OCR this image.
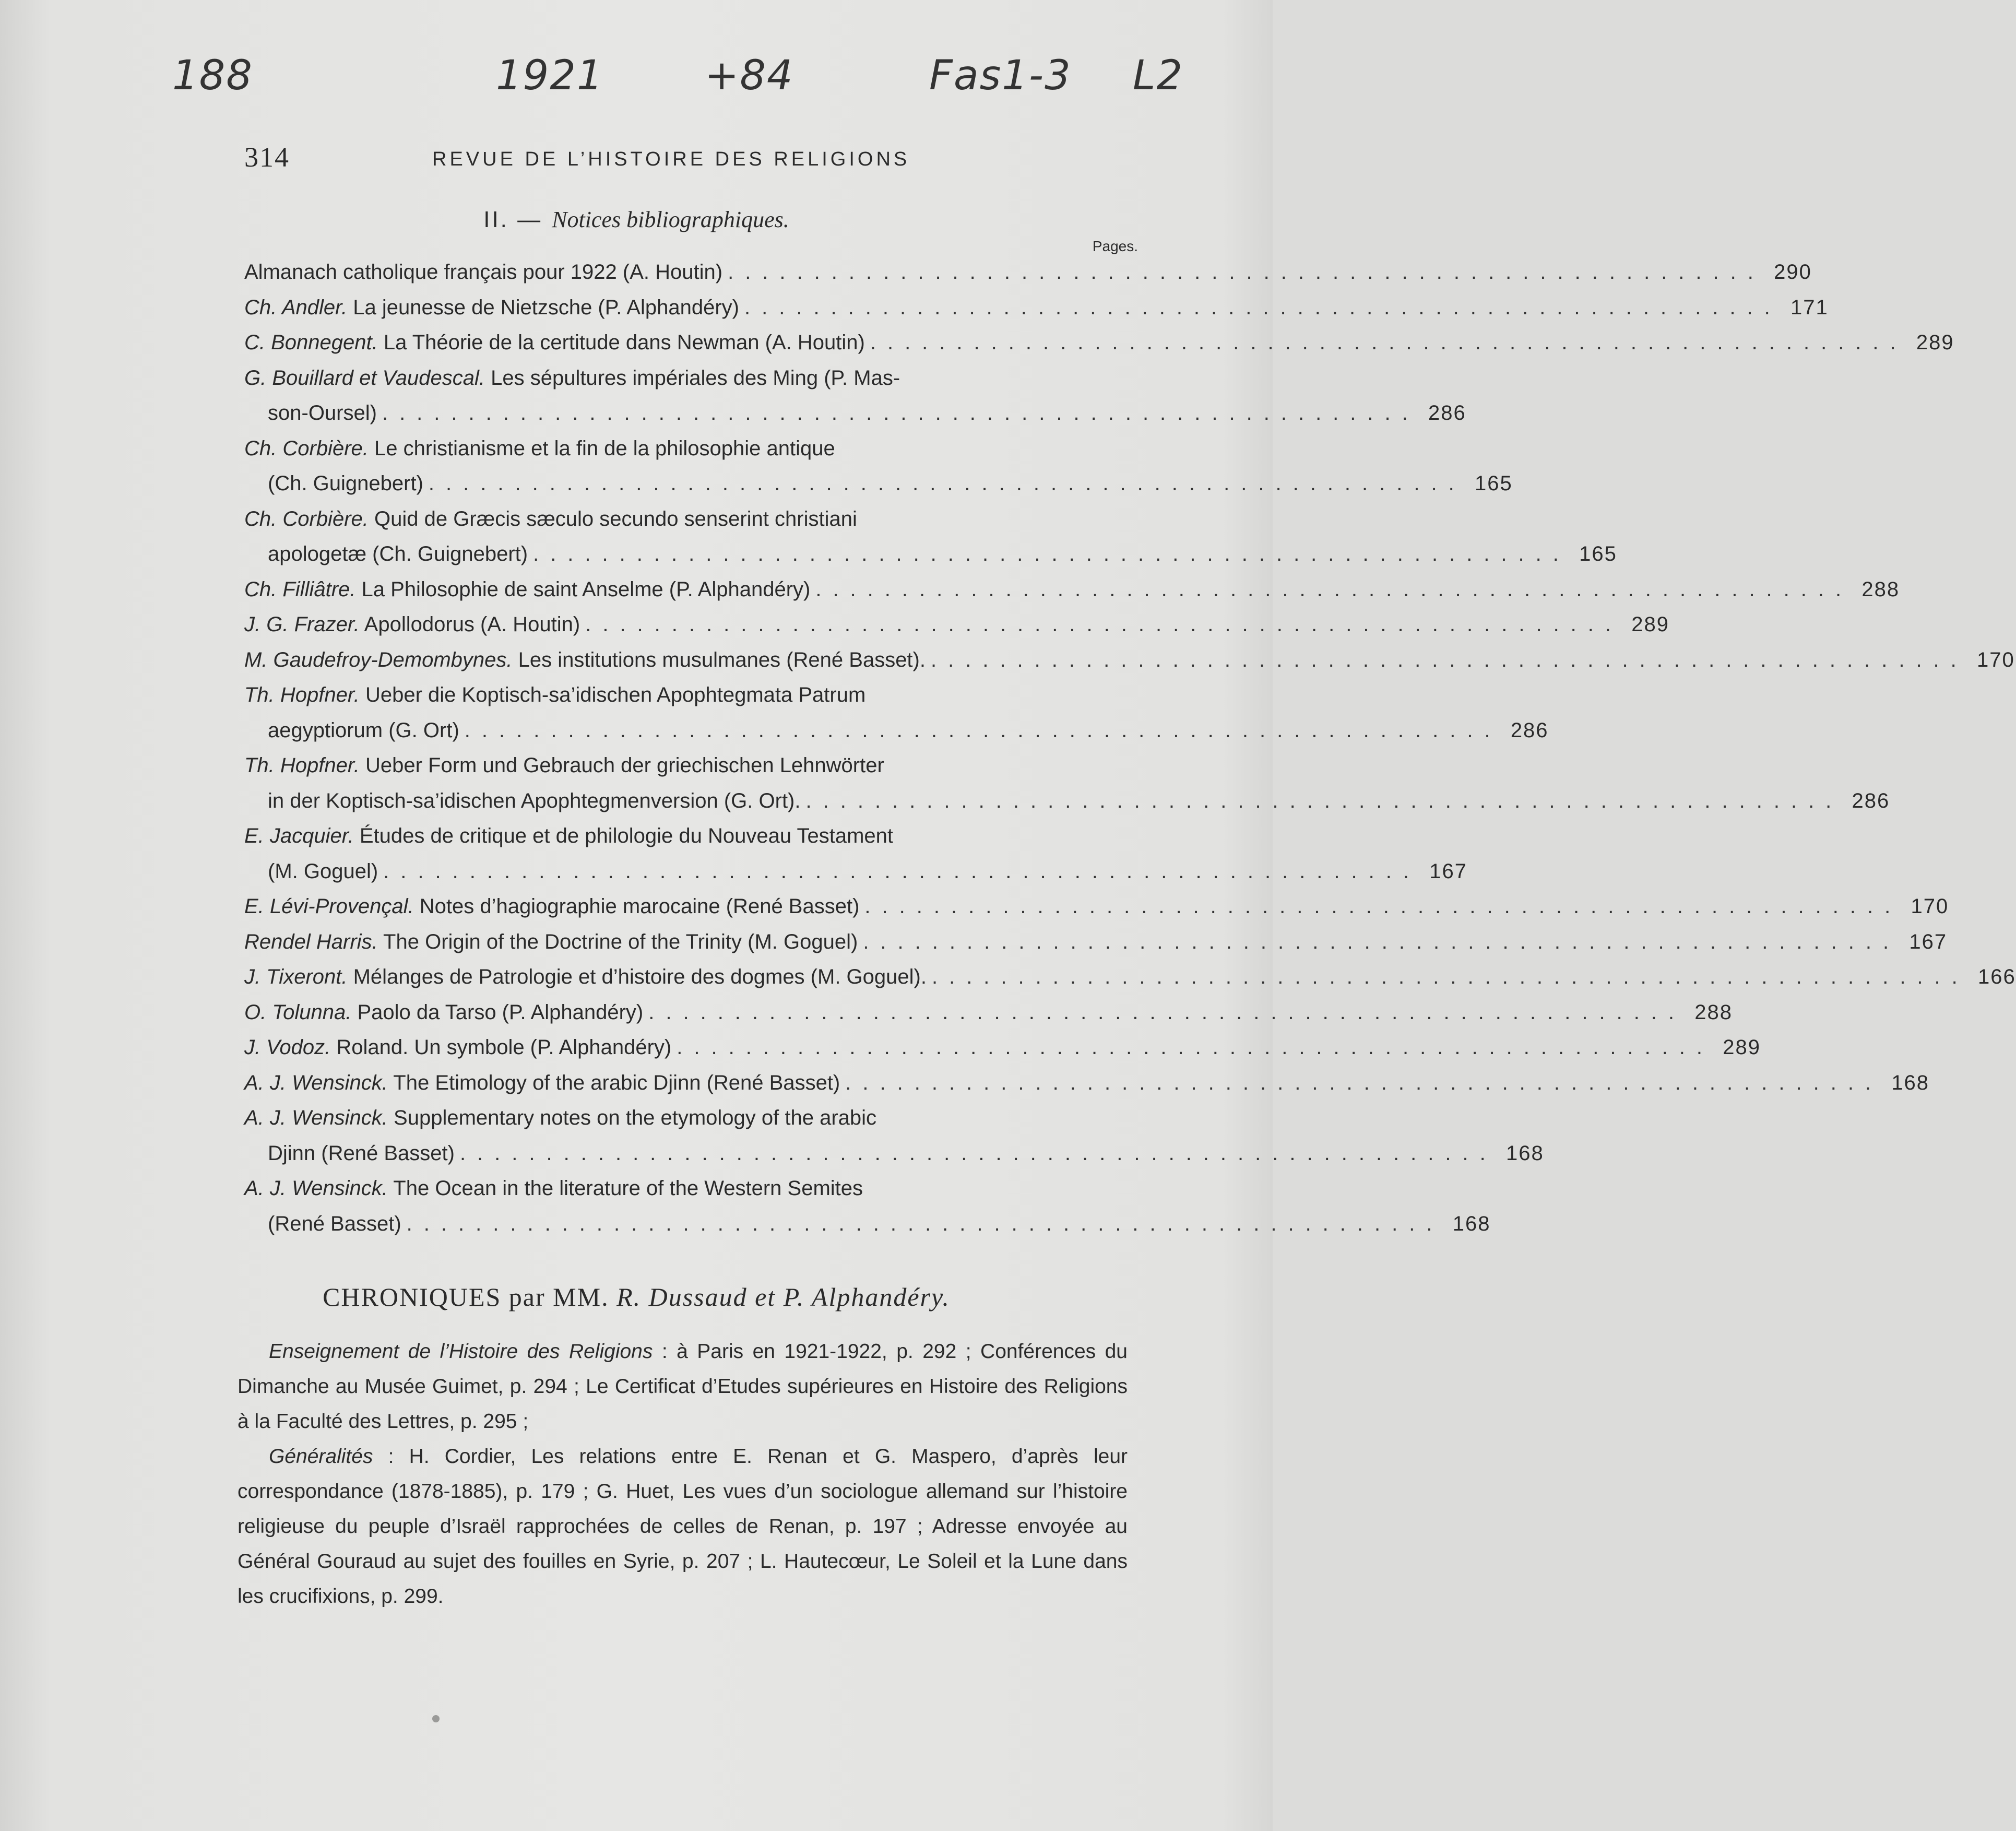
188	1921 +84	Fas1-3 L2
314	REVUE DE L’HISTOIRE DES RELIGIONS
II. — Notices bibliographiques.
Pages.
Almanach catholique français pour 1922 (A. Houtin) ............................................................ 290
Ch. Andler. La jeunesse de Nietzsche (P. Alphandéry) ............................................................ 171
C. Bonnegent. La Théorie de la certitude dans Newman (A. Houtin) ............................................................ 289
G. Bouillard et Vaudescal. Les sépultures impériales des Ming (P. Mas-
son-Oursel) ............................................................ 286
Ch. Corbière. Le christianisme et la fin de la philosophie antique
(Ch. Guignebert) ............................................................ 165
Ch. Corbière. Quid de Græcis sæculo secundo senserint christiani
apologetæ (Ch. Guignebert) ............................................................ 165
Ch. Filliâtre. La Philosophie de saint Anselme (P. Alphandéry) ............................................................ 288
J. G. Frazer. Apollodorus (A. Houtin) ............................................................ 289
M. Gaudefroy-Demombynes. Les institutions musulmanes (René Basset). ............................................................ 170
Th. Hopfner. Ueber die Koptisch-sa’idischen Apophtegmata Patrum
aegyptiorum (G. Ort) ............................................................ 286
Th. Hopfner. Ueber Form und Gebrauch der griechischen Lehnwörter
in der Koptisch-sa’idischen Apophtegmenversion (G. Ort). ............................................................ 286
E. Jacquier. Études de critique et de philologie du Nouveau Testament
(M. Goguel) ............................................................ 167
E. Lévi-Provençal. Notes d’hagiographie marocaine (René Basset) ............................................................ 170
Rendel Harris. The Origin of the Doctrine of the Trinity (M. Goguel) ............................................................ 167
J. Tixeront. Mélanges de Patrologie et d’histoire des dogmes (M. Goguel). ............................................................ 166
O. Tolunna. Paolo da Tarso (P. Alphandéry) ............................................................ 288
J. Vodoz. Roland. Un symbole (P. Alphandéry) ............................................................ 289
A. J. Wensinck. The Etimology of the arabic Djinn (René Basset) ............................................................ 168
A. J. Wensinck. Supplementary notes on the etymology of the arabic
Djinn (René Basset) ............................................................ 168
A. J. Wensinck. The Ocean in the literature of the Western Semites
(René Basset) ............................................................ 168
CHRONIQUES par MM. R. Dussaud et P. Alphandéry.

Enseignement de l’Histoire des Religions : à Paris en 1921-1922, p. 292 ; Conférences du Dimanche au Musée Guimet, p. 294 ; Le Certificat d’Etudes supérieures en Histoire des Religions à la Faculté des Lettres, p. 295 ;

Généralités : H. Cordier, Les relations entre E. Renan et G. Maspero, d’après leur correspondance (1878-1885), p. 179 ; G. Huet, Les vues d’un sociologue allemand sur l’histoire religieuse du peuple d’Israël rapprochées de celles de Renan, p. 197 ; Adresse envoyée au Général Gouraud au sujet des fouilles en Syrie, p. 207 ; L. Hautecœur, Le Soleil et la Lune dans les crucifixions, p. 299.
